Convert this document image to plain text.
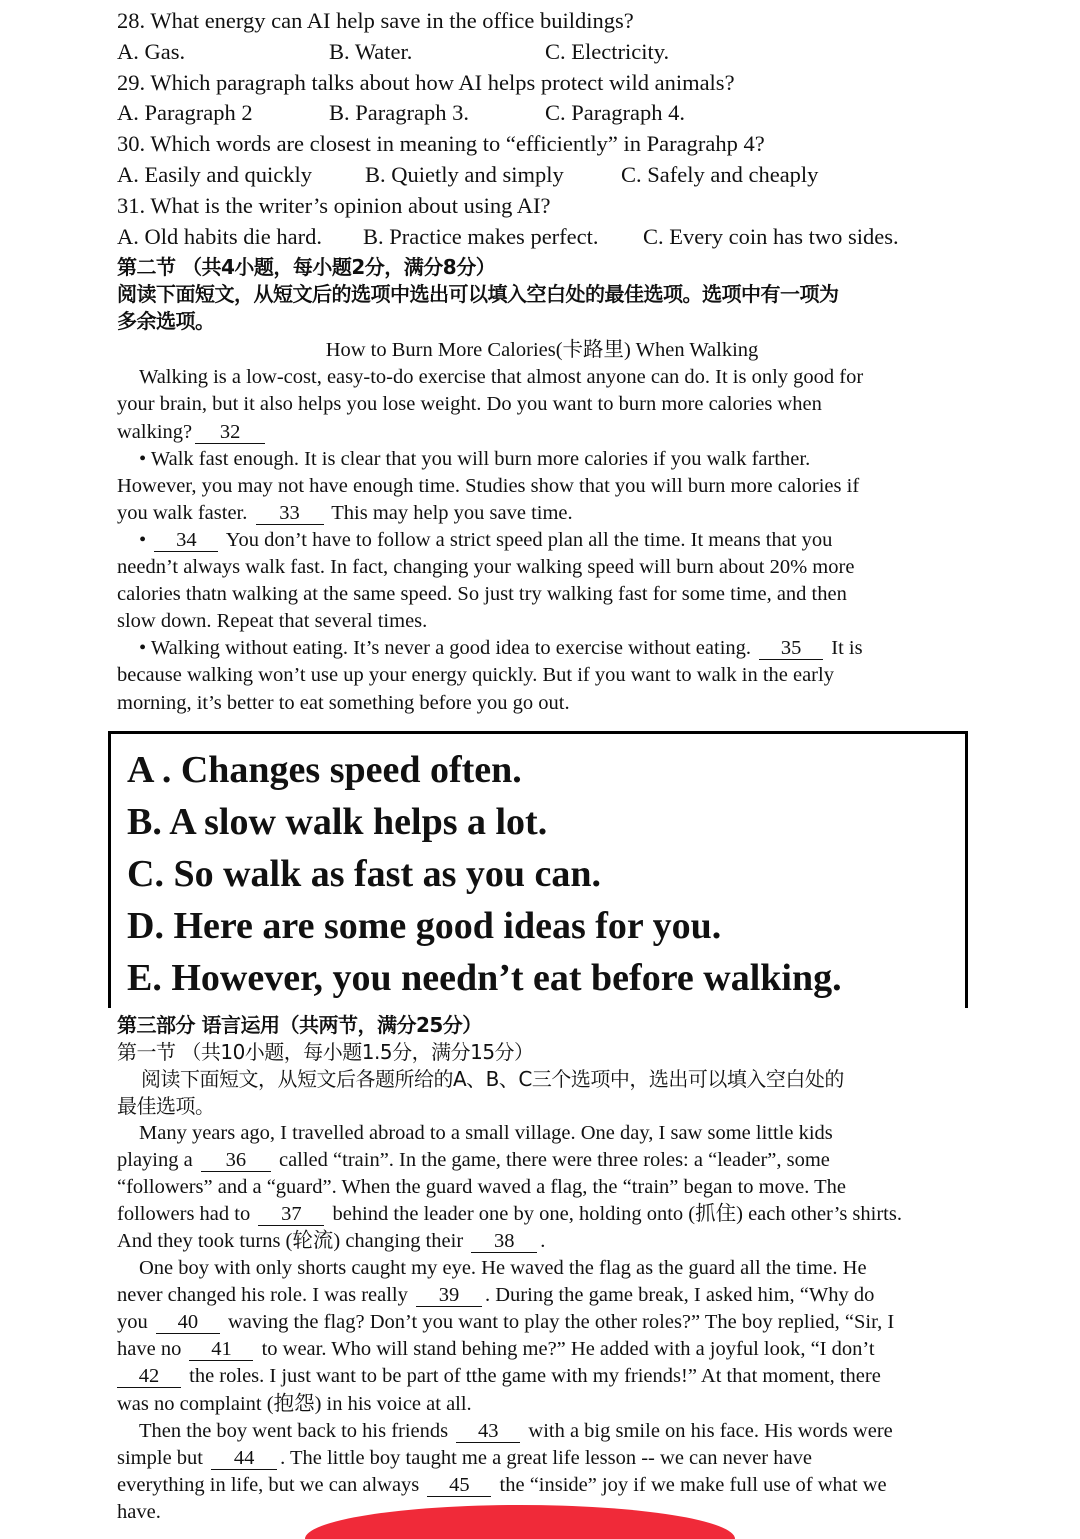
28. What energy can AI help save in the office buildings?
A. Gas.	B. Water.	C. Electricity.
29. Which paragraph talks about how AI helps protect wild animals?
A. Paragraph 2	B. Paragraph 3.	C. Paragraph 4.
30. Which words are closest in meaning to “efficiently” in Paragrahp 4?
A. Easily and quickly	B. Quietly and simply	C. Safely and cheaply
31. What is the writer’s opinion about using AI?
A. Old habits die hard.	B. Practice makes perfect.	C. Every coin has two sides.
第二节 （共4小题，每小题2分，满分8分）
阅读下面短文，从短文后的选项中选出可以填入空白处的最佳选项。选项中有一项为
多余选项。
How to Burn More Calories(卡路里) When Walking
Walking is a low-cost, easy-to-do exercise that almost anyone can do. It is only good for
your brain, but it also helps you lose weight. Do you want to burn more calories when
walking? 32
• Walk fast enough. It is clear that you will burn more calories if you walk farther.
However, you may not have enough time. Studies show that you will burn more calories if
you walk faster. 33 This may help you save time.
• 34 You don’t have to follow a strict speed plan all the time. It means that you
needn’t always walk fast. In fact, changing your walking speed will burn about 20% more
calories thatn walking at the same speed. So just try walking fast for some time, and then
slow down. Repeat that several times.
• Walking without eating. It’s never a good idea to exercise without eating. 35 It is
because walking won’t use up your energy quickly. But if you want to walk in the early
morning, it’s better to eat something before you go out.
A . Changes speed often.
B. A slow walk helps a lot.
C. So walk as fast as you can.
D. Here are some good ideas for you.
E. However, you needn’t eat before walking.
第三部分 语言运用（共两节，满分25分）
第一节 （共10小题，每小题1.5分，满分15分）
阅读下面短文，从短文后各题所给的A、B、C三个选项中，选出可以填入空白处的
最佳选项。
Many years ago, I travelled abroad to a small village. One day, I saw some little kids
playing a 36 called “train”. In the game, there were three roles: a “leader”, some
“followers” and a “guard”. When the guard waved a flag, the “train” began to move. The
followers had to 37 behind the leader one by one, holding onto (抓住) each other’s shirts.
And they took turns (轮流) changing their 38 .
One boy with only shorts caught my eye. He waved the flag as the guard all the time. He
never changed his role. I was really 39 . During the game break, I asked him, “Why do
you 40 waving the flag? Don’t you want to play the other roles?” The boy replied, “Sir, I
have no 41 to wear. Who will stand behing me?” He added with a joyful look, “I don’t
42 the roles. I just want to be part of tthe game with my friends!” At that moment, there
was no complaint (抱怨) in his voice at all.
Then the boy went back to his friends 43 with a big smile on his face. His words were
simple but 44 . The little boy taught me a great life lesson -- we can never have
everything in life, but we can always 45 the “inside” joy if we make full use of what we
have.
